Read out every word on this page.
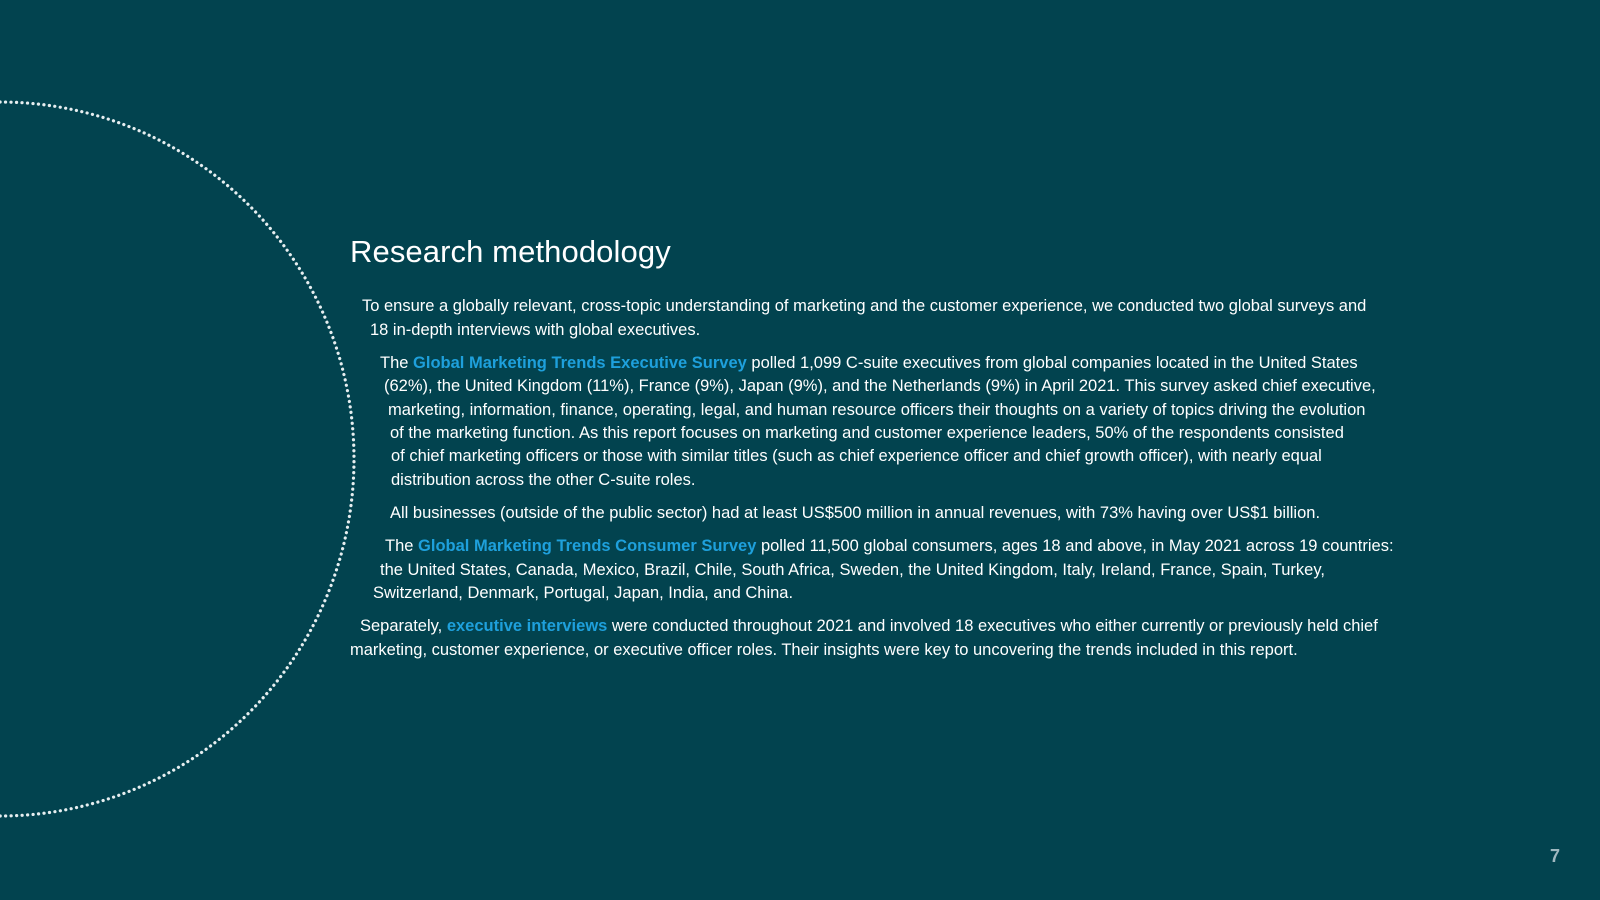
Research methodology
To ensure a globally relevant, cross-topic understanding of marketing and the customer experience, we conducted two global surveys and
18 in-depth interviews with global executives.
The Global Marketing Trends Executive Survey polled 1,099 C-suite executives from global companies located in the United States
(62%), the United Kingdom (11%), France (9%), Japan (9%), and the Netherlands (9%) in April 2021. This survey asked chief executive,
marketing, information, finance, operating, legal, and human resource officers their thoughts on a variety of topics driving the evolution
of the marketing function. As this report focuses on marketing and customer experience leaders, 50% of the respondents consisted
of chief marketing officers or those with similar titles (such as chief experience officer and chief growth officer), with nearly equal
distribution across the other C-suite roles.
All businesses (outside of the public sector) had at least US$500 million in annual revenues, with 73% having over US$1 billion.
The Global Marketing Trends Consumer Survey polled 11,500 global consumers, ages 18 and above, in May 2021 across 19 countries:
the United States, Canada, Mexico, Brazil, Chile, South Africa, Sweden, the United Kingdom, Italy, Ireland, France, Spain, Turkey,
Switzerland, Denmark, Portugal, Japan, India, and China.
Separately, executive interviews were conducted throughout 2021 and involved 18 executives who either currently or previously held chief
marketing, customer experience, or executive officer roles. Their insights were key to uncovering the trends included in this report.
7
